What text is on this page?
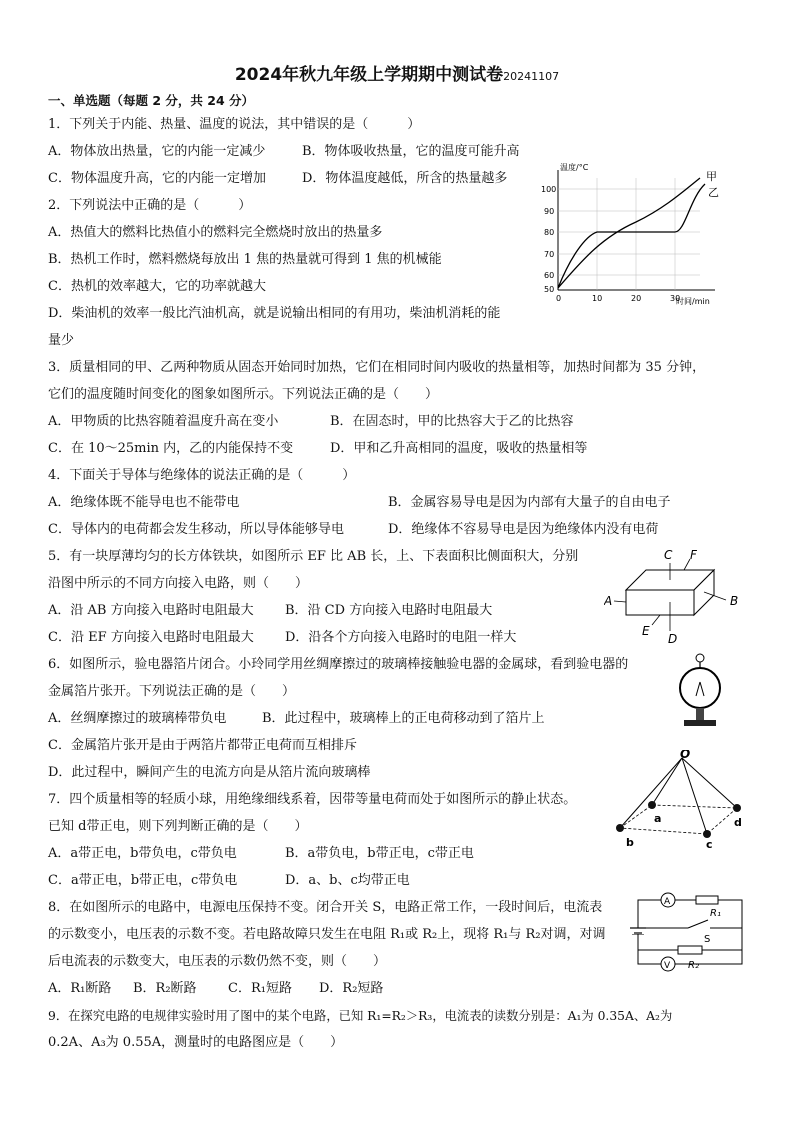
2024年秋九年级上学期期中测试卷20241107
一、单选题（每题 2 分，共 24 分）
1．下列关于内能、热量、温度的说法，其中错误的是（　　　）
A．物体放出热量，它的内能一定减少	B．物体吸收热量，它的温度可能升高
C．物体温度升高，它的内能一定增加	D．物体温度越低，所含的热量越多
2．下列说法中正确的是（　　　）
A．热值大的燃料比热值小的燃料完全燃烧时放出的热量多
B．热机工作时，燃料燃烧每放出 1 焦的热量就可得到 1 焦的机械能
C．热机的效率越大，它的功率就越大
D．柴油机的效率一般比汽油机高，就是说输出相同的有用功，柴油机消耗的能
量少
3．质量相同的甲、乙两种物质从固态开始同时加热，它们在相同时间内吸收的热量相等，加热时间都为 35 分钟，
它们的温度随时间变化的图象如图所示。下列说法正确的是（　　）
A．甲物质的比热容随着温度升高在变小	B．在固态时，甲的比热容大于乙的比热容
C．在 10～25min 内，乙的内能保持不变	D．甲和乙升高相同的温度，吸收的热量相等
4．下面关于导体与绝缘体的说法正确的是（　　　）
A．绝缘体既不能导电也不能带电	B．金属容易导电是因为内部有大量子的自由电子
C．导体内的电荷都会发生移动，所以导体能够导电	D．绝缘体不容易导电是因为绝缘体内没有电荷
5．有一块厚薄均匀的长方体铁块，如图所示 EF 比 AB 长，上、下表面积比侧面积大，分别
沿图中所示的不同方向接入电路，则（　　）
A．沿 AB 方向接入电路时电阻最大 B．沿 CD 方向接入电路时电阻最大
C．沿 EF 方向接入电路时电阻最大 D．沿各个方向接入电路时的电阻一样大
6．如图所示，验电器箔片闭合。小玲同学用丝绸摩擦过的玻璃棒接触验电器的金属球，看到验电器的
金属箔片张开。下列说法正确的是（　　）
A．丝绸摩擦过的玻璃棒带负电	B．此过程中，玻璃棒上的正电荷移动到了箔片上
C．金属箔片张开是由于两箔片都带正电荷而互相排斥
D．此过程中，瞬间产生的电流方向是从箔片流向玻璃棒
7．四个质量相等的轻质小球，用绝缘细线系着，因带等量电荷而处于如图所示的静止状态。
已知 d带正电，则下列判断正确的是（　　）
A．a带正电，b带负电，c带负电	B．a带负电，b带正电，c带正电
C．a带正电，b带正电，c带负电	D．a、b、c均带正电
8．在如图所示的电路中，电源电压保持不变。闭合开关 S，电路正常工作，一段时间后，电流表
的示数变小，电压表的示数不变。若电路故障只发生在电阻 R₁或 R₂上，现将 R₁与 R₂对调，对调
后电流表的示数变大，电压表的示数仍然不变，则（　　）
A．R₁断路 B．R₂断路 C．R₁短路 D．R₂短路
9．在探究电路的电规律实验时用了图中的某个电路，已知 R₁=R₂＞R₃，电流表的读数分别是：A₁为 0.35A、A₂为
0.2A、A₃为 0.55A，测量时的电路图应是（　　）
温度/°C
时间/min
100
90
80
70
60
50
0	10	20	30
甲
乙
A	B
C
D
E
F
O
a
b	c
d
A
V
R₁
R₂
S
